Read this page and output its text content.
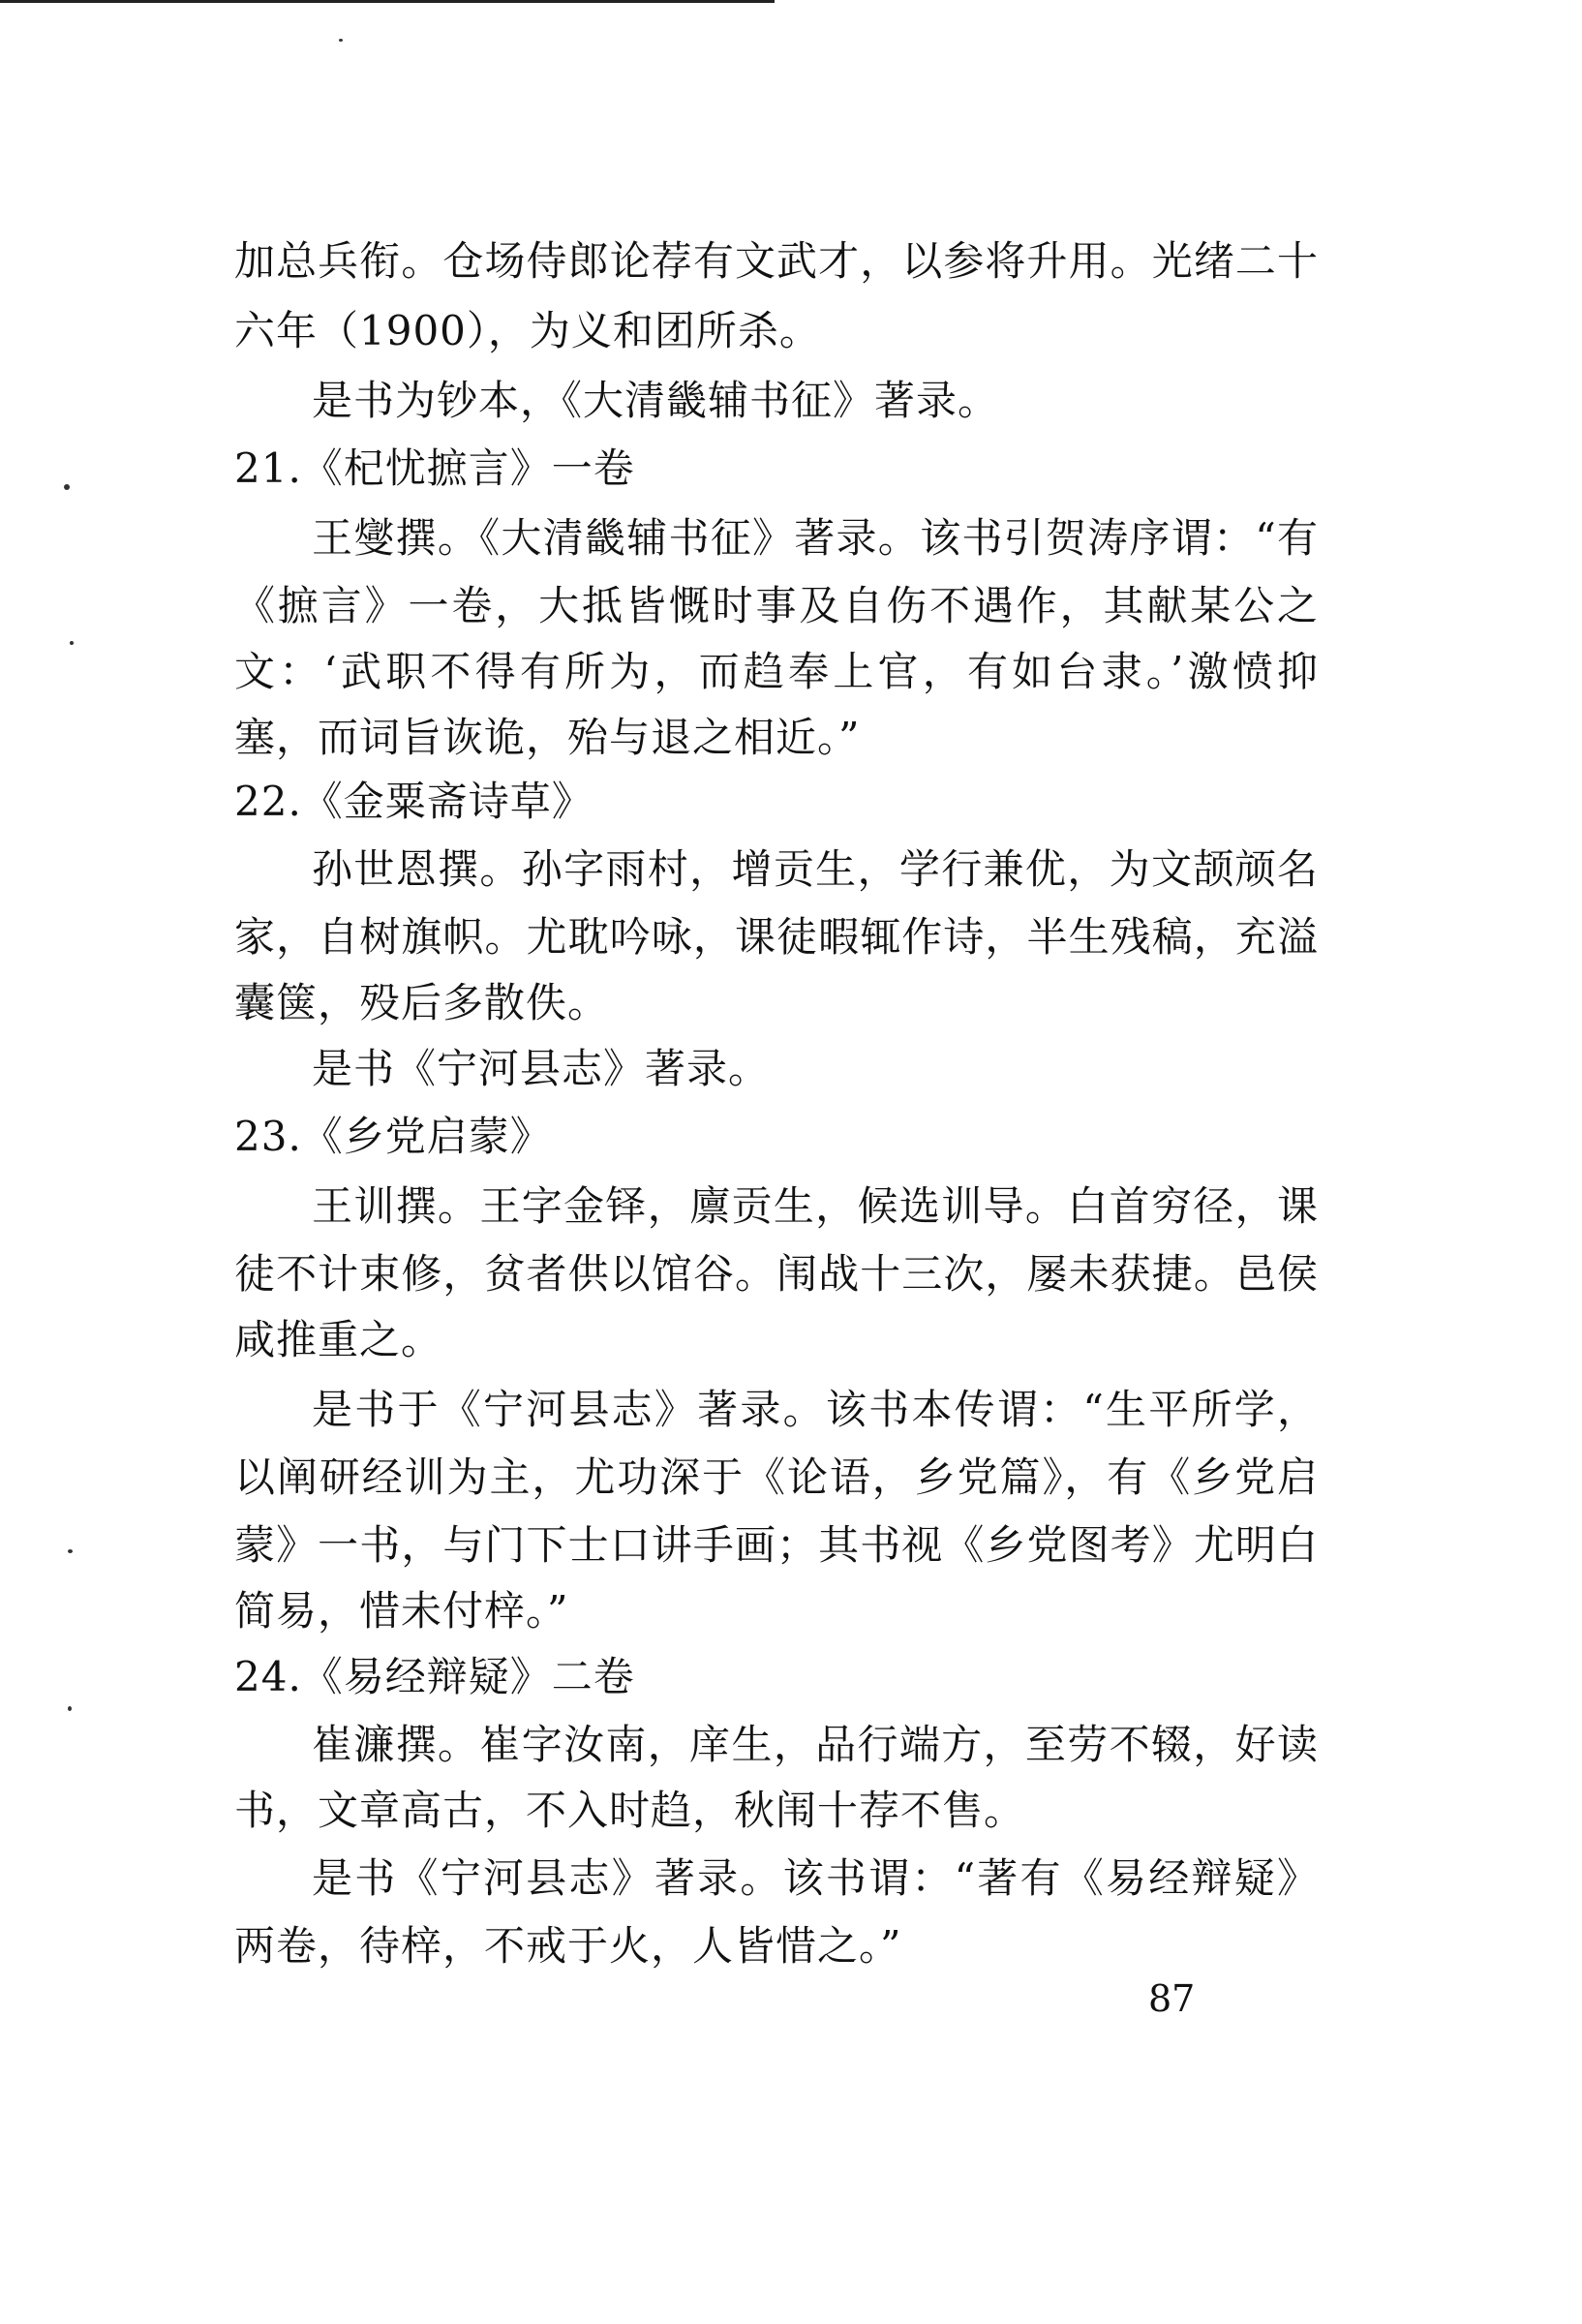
加总兵衔。仓场侍郎论荐有文武才，以参将升用。光绪二十
六年（1900），为义和团所杀。
是书为钞本，《大清畿辅书征》著录。
21.《杞忧摭言》一卷
王燮撰。《大清畿辅书征》著录。该书引贺涛序谓：“有
《摭言》一卷，大抵皆慨时事及自伤不遇作，其献某公之
文：‘武职不得有所为，而趋奉上官，有如台隶。’激愤抑
塞，而词旨诙诡，殆与退之相近。”
22.《金粟斋诗草》
孙世恩撰。孙字雨村，增贡生，学行兼优，为文颉颃名
家，自树旗帜。尤耽吟咏，课徒暇辄作诗，半生残稿，充溢
囊箧，殁后多散佚。
是书《宁河县志》著录。
23.《乡党启蒙》
王训撰。王字金铎，廪贡生，候选训导。白首穷径，课
徒不计束修，贫者供以馆谷。闱战十三次，屡未获捷。邑侯
咸推重之。
是书于《宁河县志》著录。该书本传谓：“生平所学，
以阐研经训为主，尤功深于《论语，乡党篇》，有《乡党启
蒙》一书，与门下士口讲手画；其书视《乡党图考》尤明白
简易，惜未付梓。”
24.《易经辩疑》二卷
崔濂撰。崔字汝南，庠生，品行端方，至劳不辍，好读
书，文章高古，不入时趋，秋闱十荐不售。
是书《宁河县志》著录。该书谓：“著有《易经辩疑》
两卷，待梓，不戒于火，人皆惜之。”
87
